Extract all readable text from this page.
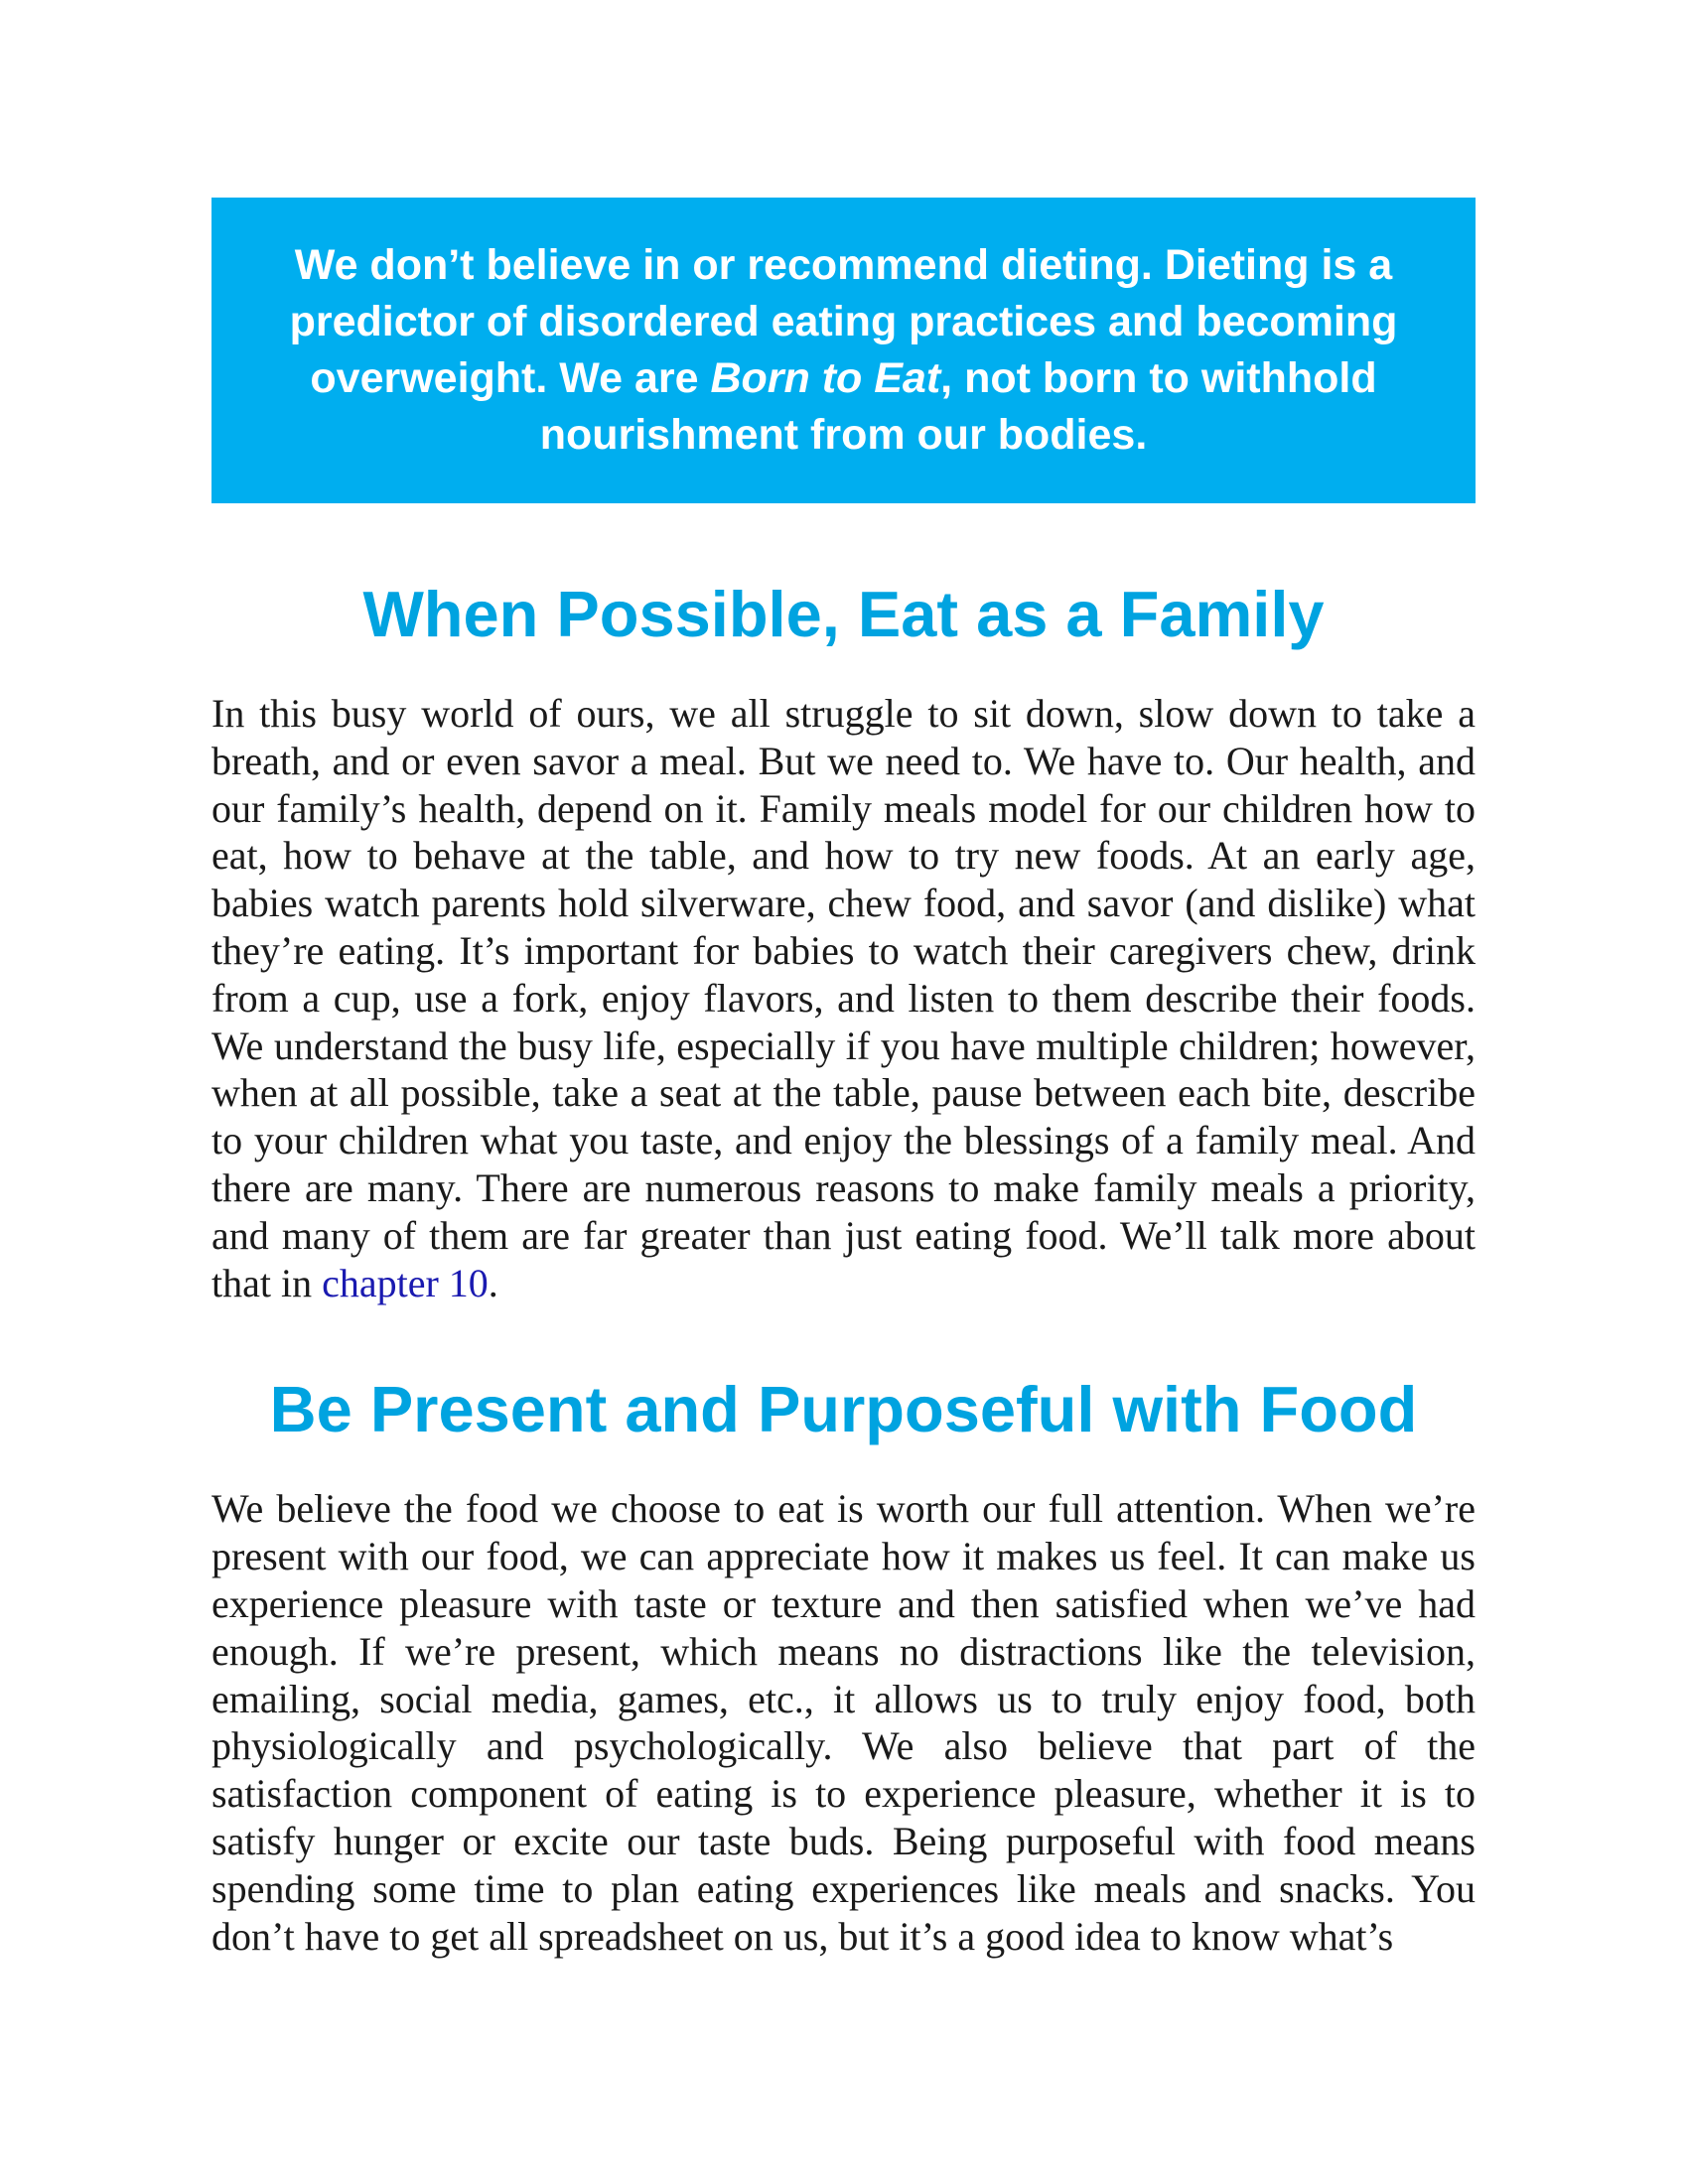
We don’t believe in or recommend dieting. Dieting is a predictor of disordered eating practices and becoming overweight. We are Born to Eat, not born to withhold nourishment from our bodies.
When Possible, Eat as a Family

In this busy world of ours, we all struggle to sit down, slow down to take a breath, and or even savor a meal. But we need to. We have to. Our health, and our family’s health, depend on it. Family meals model for our children how to eat, how to behave at the table, and how to try new foods. At an early age, babies watch parents hold silverware, chew food, and savor (and dislike) what they’re eating. It’s important for babies to watch their caregivers chew, drink from a cup, use a fork, enjoy flavors, and listen to them describe their foods. We understand the busy life, especially if you have multiple children; however, when at all possible, take a seat at the table, pause between each bite, describe to your children what you taste, and enjoy the blessings of a family meal. And there are many. There are numerous reasons to make family meals a priority, and many of them are far greater than just eating food. We’ll talk more about that in chapter 10.

Be Present and Purposeful with Food

We believe the food we choose to eat is worth our full attention. When we’re present with our food, we can appreciate how it makes us feel. It can make us experience pleasure with taste or texture and then satisfied when we’ve had enough. If we’re present, which means no distractions like the television, emailing, social media, games, etc., it allows us to truly enjoy food, both physiologically and psychologically. We also believe that part of the satisfaction component of eating is to experience pleasure, whether it is to satisfy hunger or excite our taste buds. Being purposeful with food means spending some time to plan eating experiences like meals and snacks. You don’t have to get all spreadsheet on us, but it’s a good idea to know what’s
